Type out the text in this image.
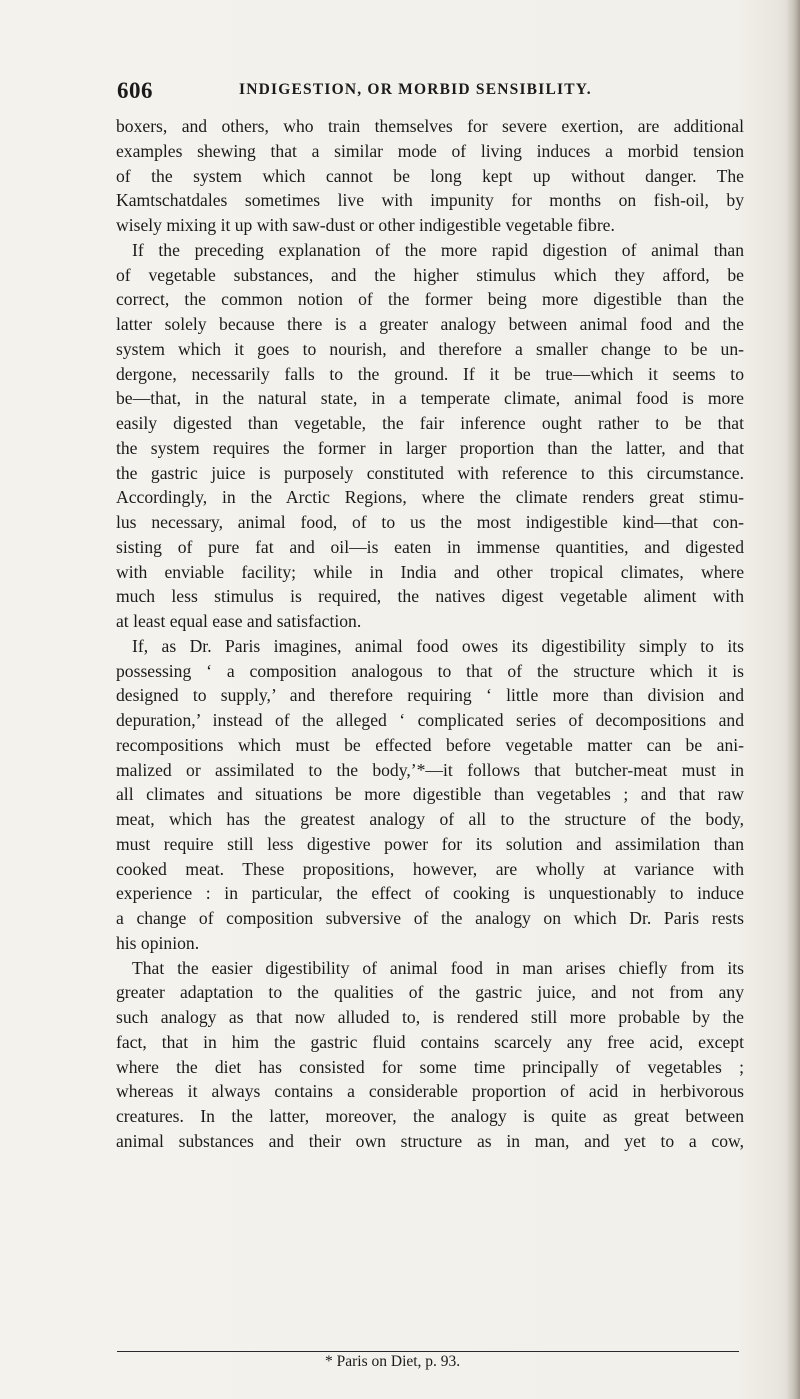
606	INDIGESTION, OR MORBID SENSIBILITY.
boxers, and others, who train themselves for severe exertion, are additional
examples shewing that a similar mode of living induces a morbid tension
of the system which cannot be long kept up without danger. The
Kamtschatdales sometimes live with impunity for months on fish-oil, by
wisely mixing it up with saw-dust or other indigestible vegetable fibre.
If the preceding explanation of the more rapid digestion of animal than
of vegetable substances, and the higher stimulus which they afford, be
correct, the common notion of the former being more digestible than the
latter solely because there is a greater analogy between animal food and the
system which it goes to nourish, and therefore a smaller change to be un-
dergone, necessarily falls to the ground. If it be true—which it seems to
be—that, in the natural state, in a temperate climate, animal food is more
easily digested than vegetable, the fair inference ought rather to be that
the system requires the former in larger proportion than the latter, and that
the gastric juice is purposely constituted with reference to this circumstance.
Accordingly, in the Arctic Regions, where the climate renders great stimu-
lus necessary, animal food, of to us the most indigestible kind—that con-
sisting of pure fat and oil—is eaten in immense quantities, and digested
with enviable facility; while in India and other tropical climates, where
much less stimulus is required, the natives digest vegetable aliment with
at least equal ease and satisfaction.
If, as Dr. Paris imagines, animal food owes its digestibility simply to its
possessing ‘ a composition analogous to that of the structure which it is
designed to supply,’ and therefore requiring ‘ little more than division and
depuration,’ instead of the alleged ‘ complicated series of decompositions and
recompositions which must be effected before vegetable matter can be ani-
malized or assimilated to the body,’*—it follows that butcher-meat must in
all climates and situations be more digestible than vegetables ; and that raw
meat, which has the greatest analogy of all to the structure of the body,
must require still less digestive power for its solution and assimilation than
cooked meat. These propositions, however, are wholly at variance with
experience : in particular, the effect of cooking is unquestionably to induce
a change of composition subversive of the analogy on which Dr. Paris rests
his opinion.
That the easier digestibility of animal food in man arises chiefly from its
greater adaptation to the qualities of the gastric juice, and not from any
such analogy as that now alluded to, is rendered still more probable by the
fact, that in him the gastric fluid contains scarcely any free acid, except
where the diet has consisted for some time principally of vegetables ;
whereas it always contains a considerable proportion of acid in herbivorous
creatures. In the latter, moreover, the analogy is quite as great between
animal substances and their own structure as in man, and yet to a cow,
* Paris on Diet, p. 93.
